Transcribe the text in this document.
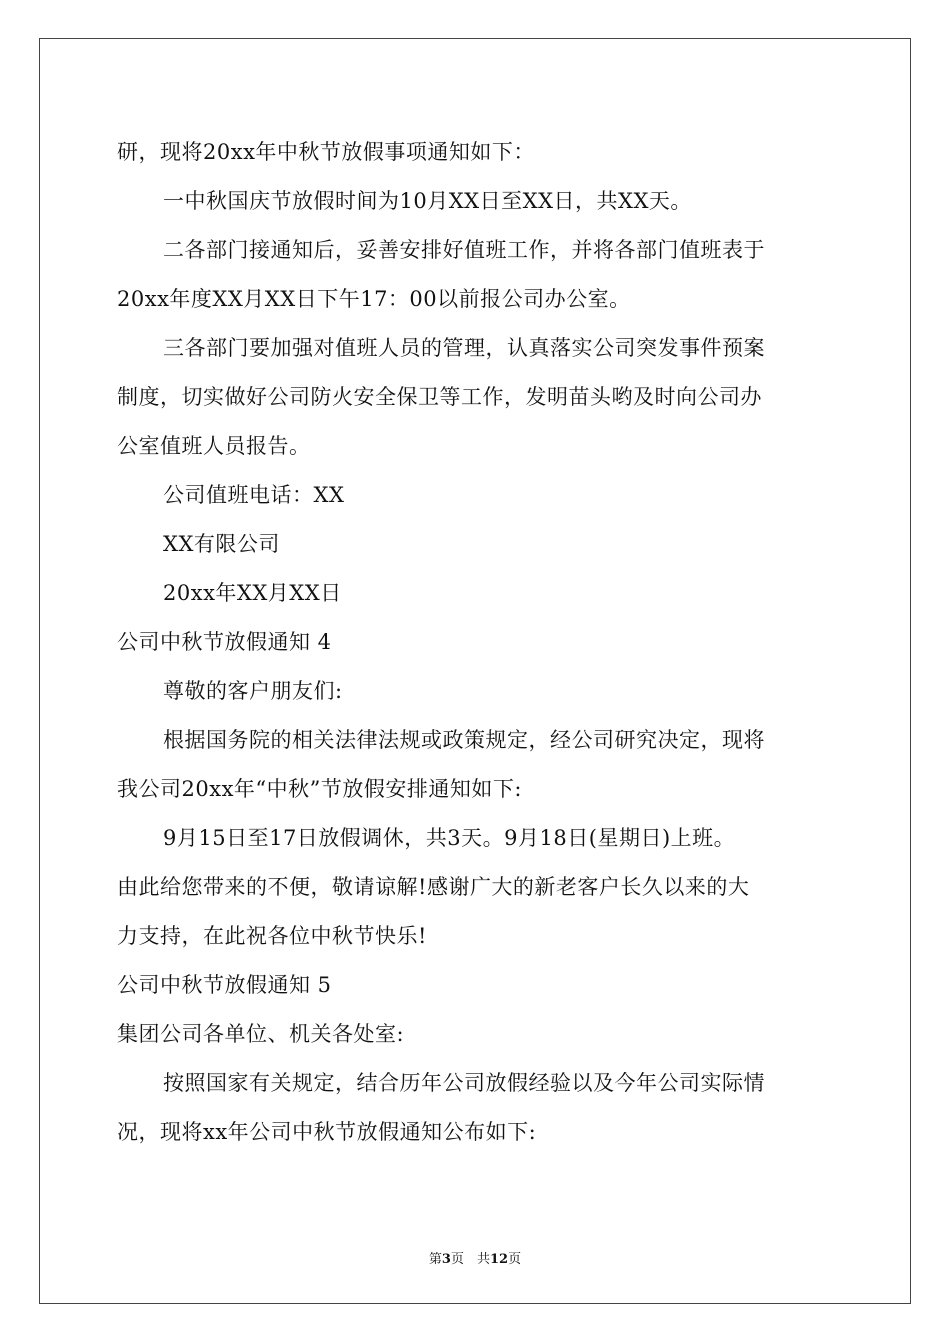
研，现将20xx年中秋节放假事项通知如下：
一中秋国庆节放假时间为10月XX日至XX日，共XX天。
二各部门接通知后，妥善安排好值班工作，并将各部门值班表于
20xx年度XX月XX日下午17：00以前报公司办公室。
三各部门要加强对值班人员的管理，认真落实公司突发事件预案
制度，切实做好公司防火安全保卫等工作，发明苗头哟及时向公司办
公室值班人员报告。
公司值班电话：XX
XX有限公司
20xx年XX月XX日
公司中秋节放假通知 4
尊敬的客户朋友们:
根据国务院的相关法律法规或政策规定，经公司研究决定，现将
我公司20xx年“中秋”节放假安排通知如下:
9月15日至17日放假调休，共3天。9月18日(星期日)上班。
由此给您带来的不便，敬请谅解!感谢广大的新老客户长久以来的大
力支持，在此祝各位中秋节快乐!
公司中秋节放假通知 5
集团公司各单位、机关各处室:
按照国家有关规定，结合历年公司放假经验以及今年公司实际情
况，现将xx年公司中秋节放假通知公布如下:
第3页　共12页
